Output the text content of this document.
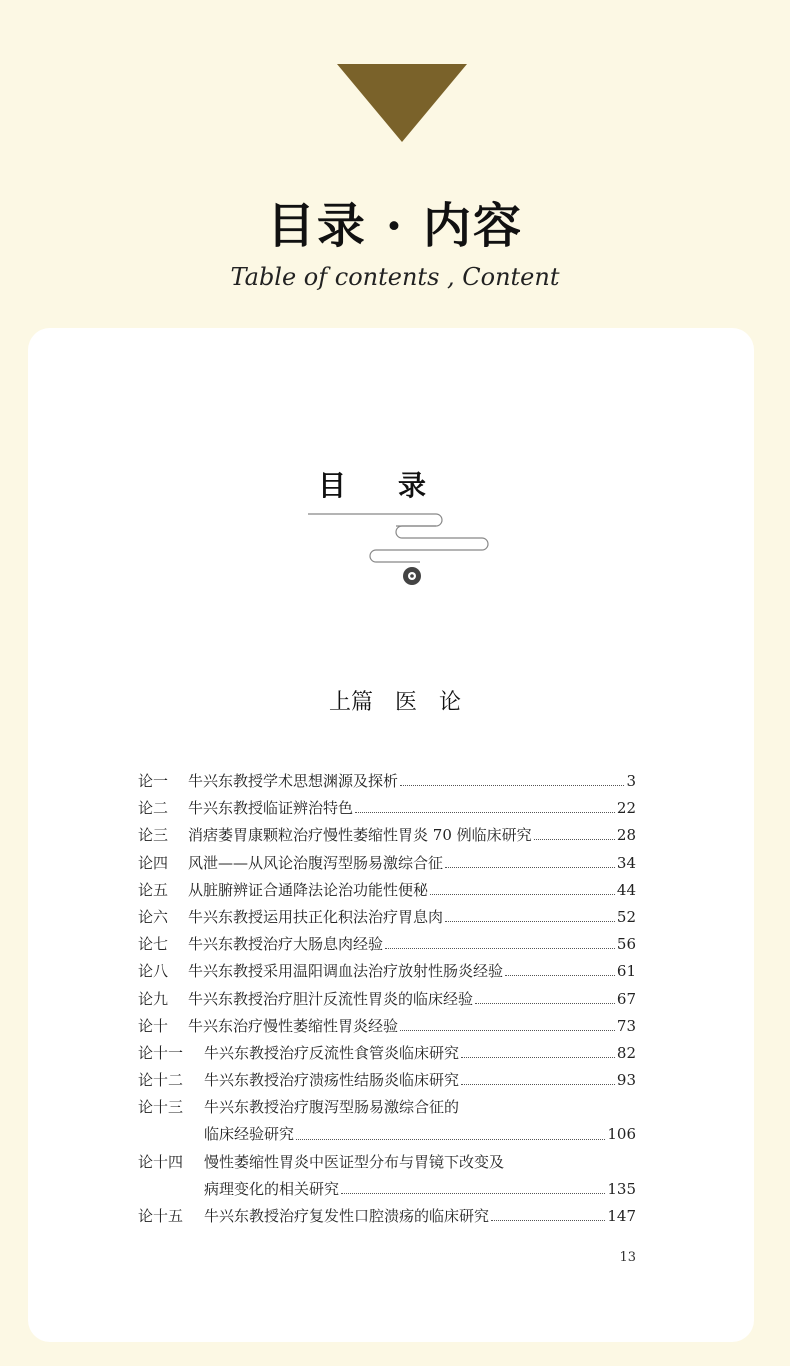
目录 · 内容
Table of contents , Content
目 录
上篇　医　论
论一	牛兴东教授学术思想渊源及探析	3
论二	牛兴东教授临证辨治特色	22
论三	消痞萎胃康颗粒治疗慢性萎缩性胃炎 70 例临床研究	28
论四	风泄——从风论治腹泻型肠易激综合征	34
论五	从脏腑辨证合通降法论治功能性便秘	44
论六	牛兴东教授运用扶正化积法治疗胃息肉	52
论七	牛兴东教授治疗大肠息肉经验	56
论八	牛兴东教授采用温阳调血法治疗放射性肠炎经验	61
论九	牛兴东教授治疗胆汁反流性胃炎的临床经验	67
论十	牛兴东治疗慢性萎缩性胃炎经验	73
论十一	牛兴东教授治疗反流性食管炎临床研究	82
论十二	牛兴东教授治疗溃疡性结肠炎临床研究	93
论十三	牛兴东教授治疗腹泻型肠易激综合征的
临床经验研究	106
论十四	慢性萎缩性胃炎中医证型分布与胃镜下改变及
病理变化的相关研究	135
论十五	牛兴东教授治疗复发性口腔溃疡的临床研究	147
13
